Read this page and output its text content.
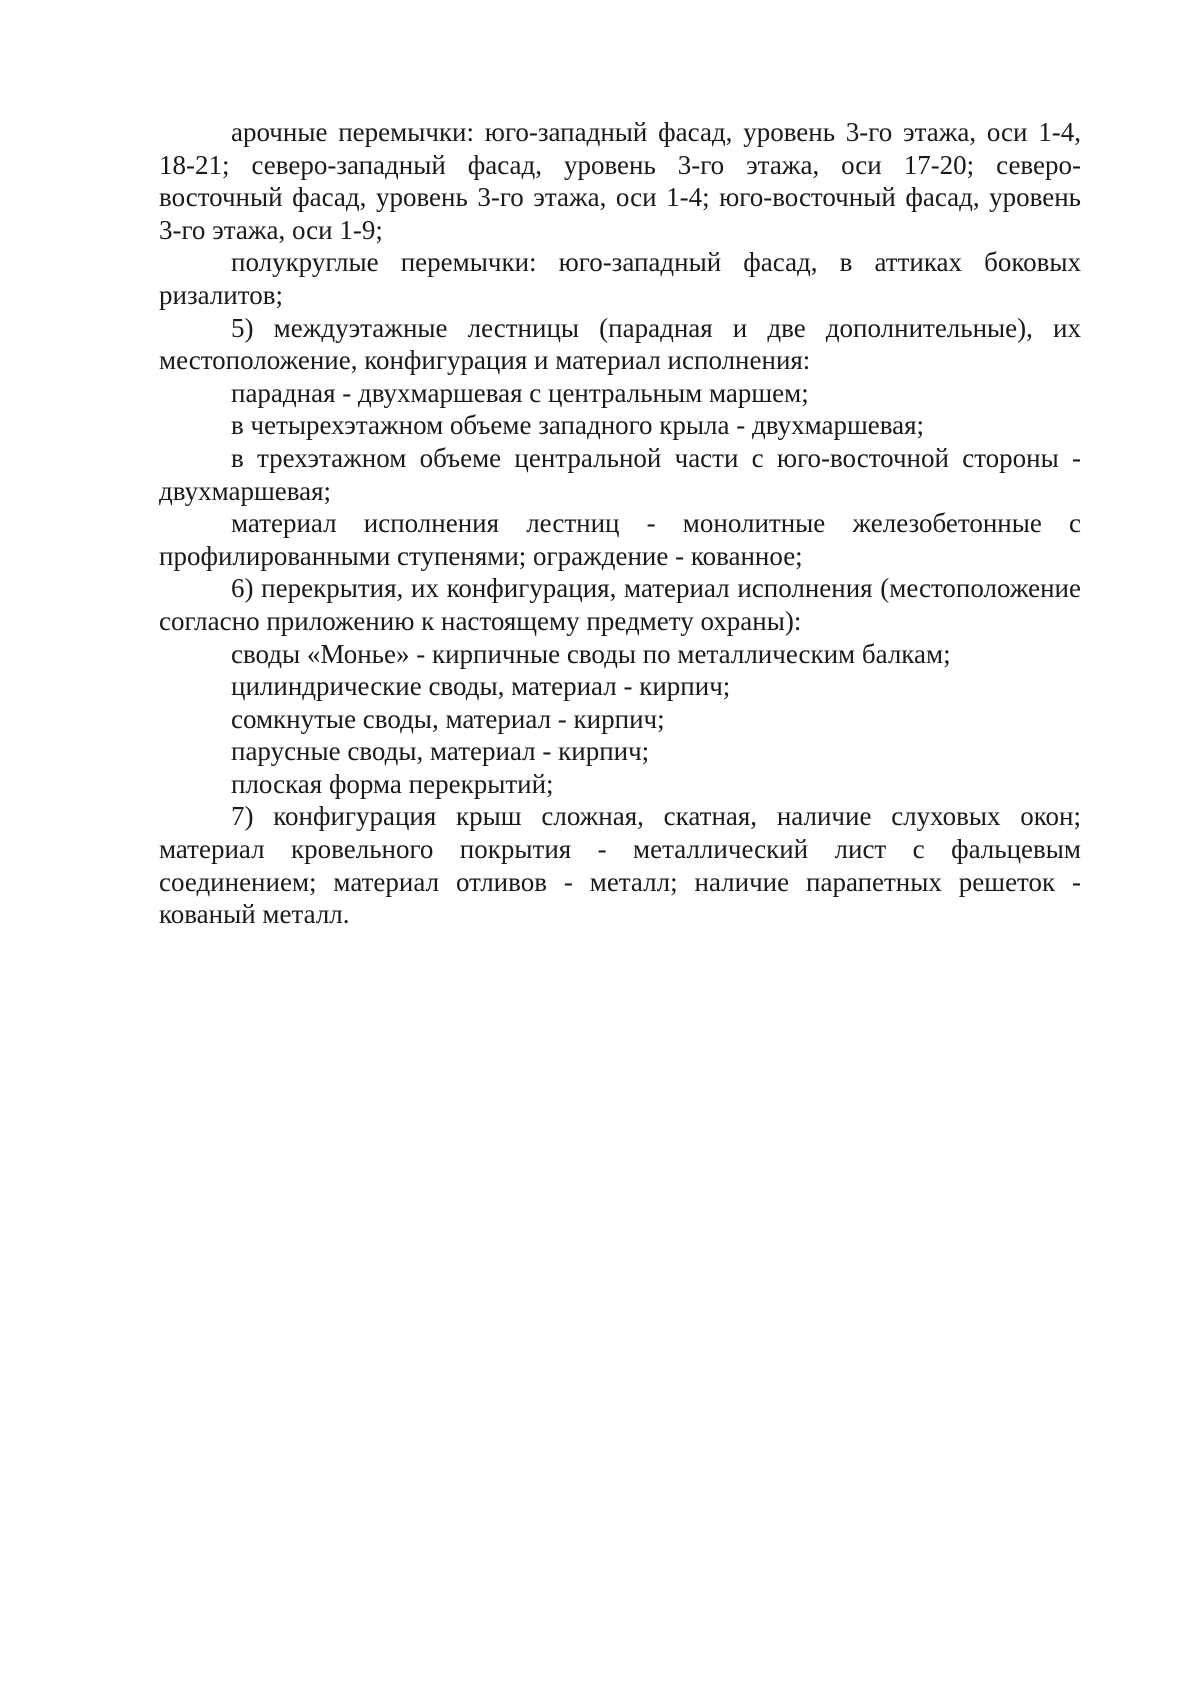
арочные перемычки: юго-западный фасад, уровень 3-го этажа, оси 1-4, 18-21; северо-западный фасад, уровень 3-го этажа, оси 17-20; северо-восточный фасад, уровень 3-го этажа, оси 1-4; юго-восточный фасад, уровень 3-го этажа, оси 1-9;

полукруглые перемычки: юго-западный фасад, в аттиках боковых ризалитов;

5) междуэтажные лестницы (парадная и две дополнительные), их местоположение, конфигурация и материал исполнения:

парадная - двухмаршевая с центральным маршем;

в четырехэтажном объеме западного крыла - двухмаршевая;

в трехэтажном объеме центральной части с юго-восточной стороны - двухмаршевая;

материал исполнения лестниц - монолитные железобетонные с профилированными ступенями; ограждение - кованное;

6) перекрытия, их конфигурация, материал исполнения (местоположение согласно приложению к настоящему предмету охраны):

своды «Монье» - кирпичные своды по металлическим балкам;

цилиндрические своды, материал - кирпич;

сомкнутые своды, материал - кирпич;

парусные своды, материал - кирпич;

плоская форма перекрытий;

7) конфигурация крыш сложная, скатная, наличие слуховых окон; материал кровельного покрытия - металлический лист с фальцевым соединением; материал отливов - металл; наличие парапетных решеток - кованый металл.
